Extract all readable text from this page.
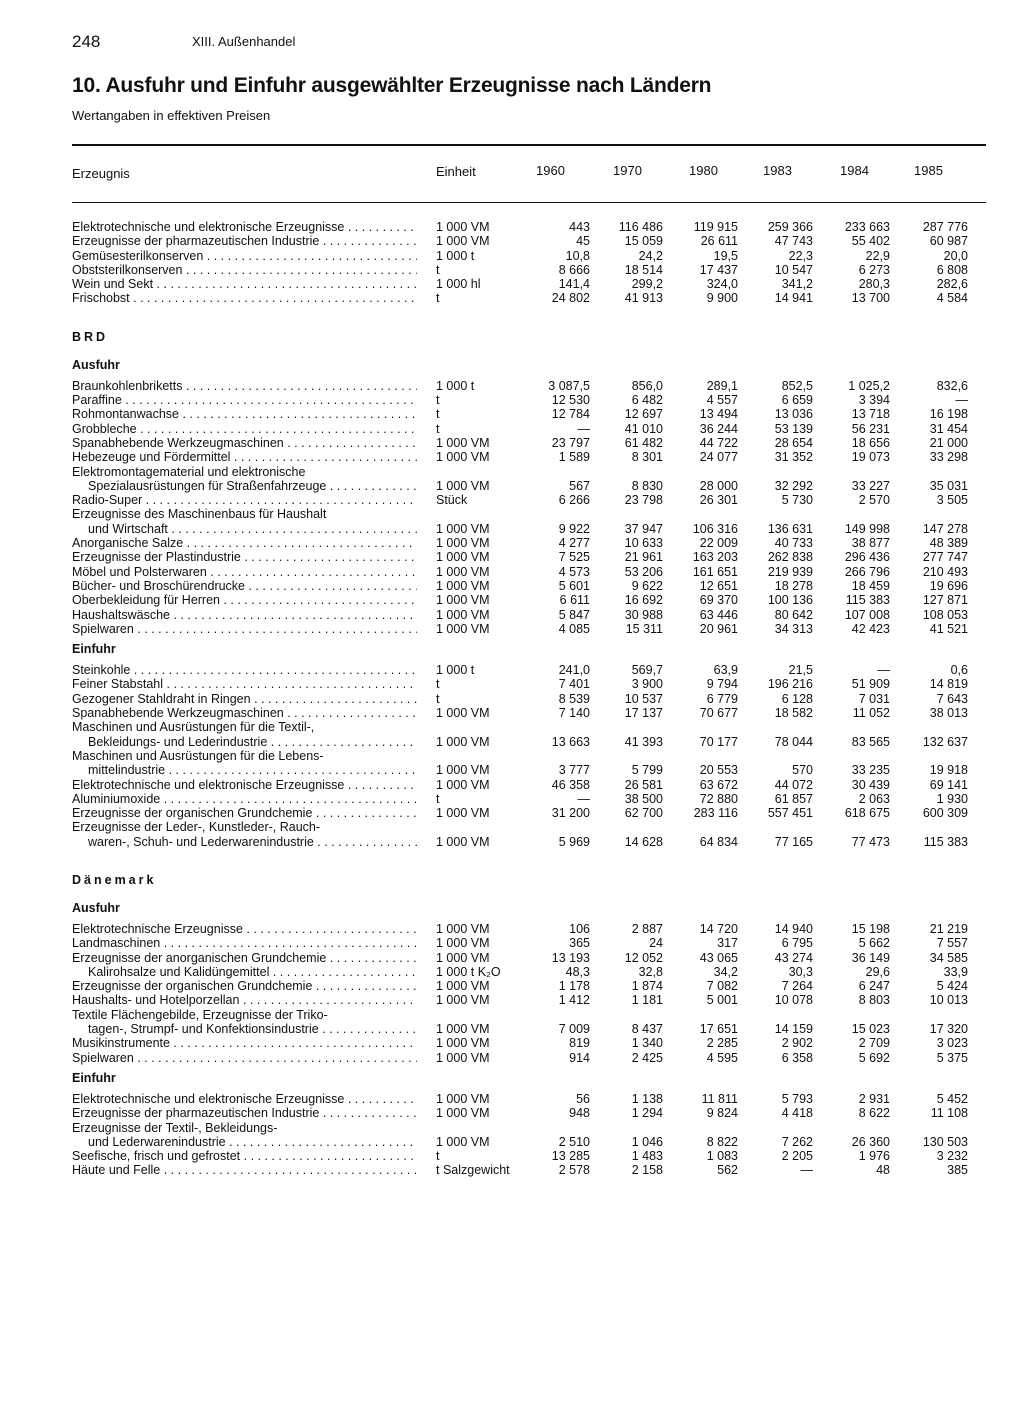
248	XIII. Außenhandel
10. Ausfuhr und Einfuhr ausgewählter Erzeugnisse nach Ländern
Wertangaben in effektiven Preisen
Erzeugnis	Einheit	1960	1970	1980	1983	1984	1985
Elektrotechnische und elektronische Erzeugnisse . . .	1 000 VM	443	116 486	119 915	259 366	233 663	287 776
Erzeugnisse der pharmazeutischen Industrie . . .	1 000 VM	45	15 059	26 611	47 743	55 402	60 987
Gemüsesterilkonserven . . .	1 000 t	10,8	24,2	19,5	22,3	22,9	20,0
Obststerilkonserven . . .	t	8 666	18 514	17 437	10 547	6 273	6 808
Wein und Sekt . . .	1 000 hl	141,4	299,2	324,0	341,2	280,3	282,6
Frischobst . . .	t	24 802	41 913	9 900	14 941	13 700	4 584
BRD
Ausfuhr
Braunkohlenbriketts . . .	1 000 t	3 087,5	856,0	289,1	852,5	1 025,2	832,6
Paraffine . . .	t	12 530	6 482	4 557	6 659	3 394	—
Rohmontanwachse . . .	t	12 784	12 697	13 494	13 036	13 718	16 198
Grobbleche . . .	t	—	41 010	36 244	53 139	56 231	31 454
Spanabhebende Werkzeugmaschinen . . .	1 000 VM	23 797	61 482	44 722	28 654	18 656	21 000
Hebezeuge und Fördermittel . . .	1 000 VM	1 589	8 301	24 077	31 352	19 073	33 298
Elektromontagematerial und elektronische
Spezialausrüstungen für Straßenfahrzeuge . . .	1 000 VM	567	8 830	28 000	32 292	33 227	35 031
Radio-Super . . .	Stück	6 266	23 798	26 301	5 730	2 570	3 505
Erzeugnisse des Maschinenbaus für Haushalt
und Wirtschaft . . .	1 000 VM	9 922	37 947	106 316	136 631	149 998	147 278
Anorganische Salze . . .	1 000 VM	4 277	10 633	22 009	40 733	38 877	48 389
Erzeugnisse der Plastindustrie . . .	1 000 VM	7 525	21 961	163 203	262 838	296 436	277 747
Möbel und Polsterwaren . . .	1 000 VM	4 573	53 206	161 651	219 939	266 796	210 493
Bücher- und Broschürendrucke . . .	1 000 VM	5 601	9 622	12 651	18 278	18 459	19 696
Oberbekleidung für Herren . . .	1 000 VM	6 611	16 692	69 370	100 136	115 383	127 871
Haushaltswäsche . . .	1 000 VM	5 847	30 988	63 446	80 642	107 008	108 053
Spielwaren . . .	1 000 VM	4 085	15 311	20 961	34 313	42 423	41 521
Einfuhr
Steinkohle . . .	1 000 t	241,0	569,7	63,9	21,5	—	0,6
Feiner Stabstahl . . .	t	7 401	3 900	9 794	196 216	51 909	14 819
Gezogener Stahldraht in Ringen . . .	t	8 539	10 537	6 779	6 128	7 031	7 643
Spanabhebende Werkzeugmaschinen . . .	1 000 VM	7 140	17 137	70 677	18 582	11 052	38 013
Maschinen und Ausrüstungen für die Textil-,
Bekleidungs- und Lederindustrie . . .	1 000 VM	13 663	41 393	70 177	78 044	83 565	132 637
Maschinen und Ausrüstungen für die Lebens-
mittelindustrie . . .	1 000 VM	3 777	5 799	20 553	570	33 235	19 918
Elektrotechnische und elektronische Erzeugnisse . . .	1 000 VM	46 358	26 581	63 672	44 072	30 439	69 141
Aluminiumoxide . . .	t	—	38 500	72 880	61 857	2 063	1 930
Erzeugnisse der organischen Grundchemie . . .	1 000 VM	31 200	62 700	283 116	557 451	618 675	600 309
Erzeugnisse der Leder-, Kunstleder-, Rauch-
waren-, Schuh- und Lederwarenindustrie . . .	1 000 VM	5 969	14 628	64 834	77 165	77 473	115 383
Dänemark
Ausfuhr
Elektrotechnische Erzeugnisse . . .	1 000 VM	106	2 887	14 720	14 940	15 198	21 219
Landmaschinen . . .	1 000 VM	365	24	317	6 795	5 662	7 557
Erzeugnisse der anorganischen Grundchemie . . .	1 000 VM	13 193	12 052	43 065	43 274	36 149	34 585
Kalirohsalze und Kalidüngemittel . . .	1 000 t K₂O	48,3	32,8	34,2	30,3	29,6	33,9
Erzeugnisse der organischen Grundchemie . . .	1 000 VM	1 178	1 874	7 082	7 264	6 247	5 424
Haushalts- und Hotelporzellan . . .	1 000 VM	1 412	1 181	5 001	10 078	8 803	10 013
Textile Flächengebilde, Erzeugnisse der Triko-
tagen-, Strumpf- und Konfektionsindustrie . . .	1 000 VM	7 009	8 437	17 651	14 159	15 023	17 320
Musikinstrumente . . .	1 000 VM	819	1 340	2 285	2 902	2 709	3 023
Spielwaren . . .	1 000 VM	914	2 425	4 595	6 358	5 692	5 375
Einfuhr
Elektrotechnische und elektronische Erzeugnisse . . .	1 000 VM	56	1 138	11 811	5 793	2 931	5 452
Erzeugnisse der pharmazeutischen Industrie . . .	1 000 VM	948	1 294	9 824	4 418	8 622	11 108
Erzeugnisse der Textil-, Bekleidungs-
und Lederwarenindustrie . . .	1 000 VM	2 510	1 046	8 822	7 262	26 360	130 503
Seefische, frisch und gefrostet . . .	t	13 285	1 483	1 083	2 205	1 976	3 232
Häute und Felle . . .	t Salzgewicht	2 578	2 158	562	—	48	385
